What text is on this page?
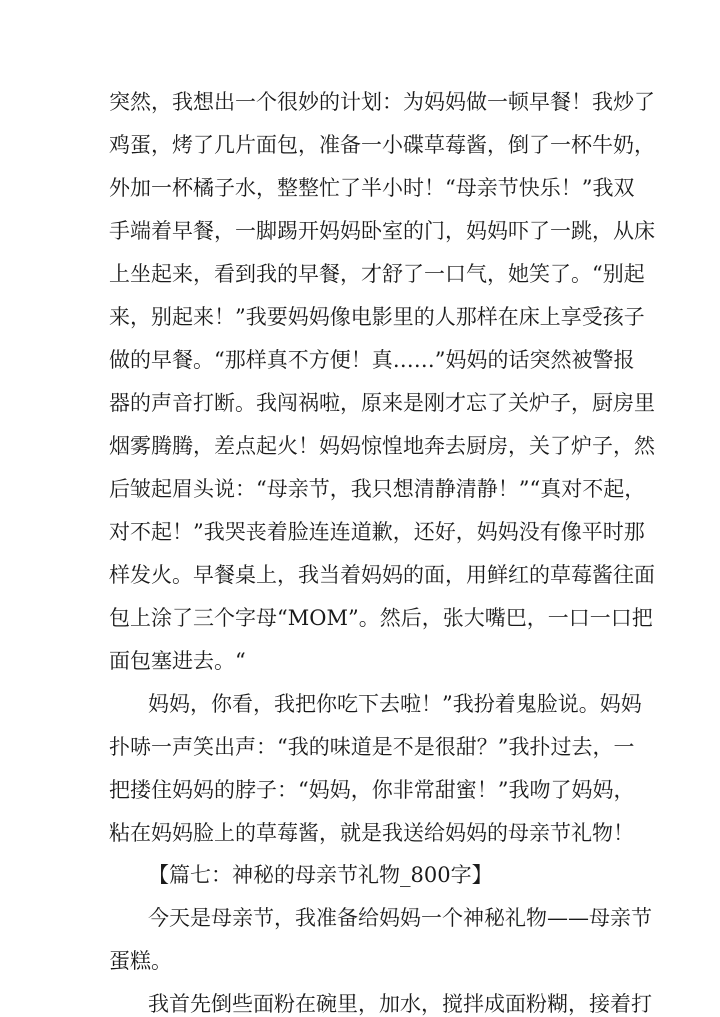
突然，我想出一个很妙的计划：为妈妈做一顿早餐！我炒了

鸡蛋，烤了几片面包，准备一小碟草莓酱，倒了一杯牛奶，

外加一杯橘子水，整整忙了半小时！“母亲节快乐！”我双

手端着早餐，一脚踢开妈妈卧室的门，妈妈吓了一跳，从床

上坐起来，看到我的早餐，才舒了一口气，她笑了。“别起

来，别起来！”我要妈妈像电影里的人那样在床上享受孩子

做的早餐。“那样真不方便！真……”妈妈的话突然被警报

器的声音打断。我闯祸啦，原来是刚才忘了关炉子，厨房里

烟雾腾腾，差点起火！妈妈惊惶地奔去厨房，关了炉子，然

后皱起眉头说：“母亲节，我只想清静清静！”“真对不起，

对不起！”我哭丧着脸连连道歉，还好，妈妈没有像平时那

样发火。早餐桌上，我当着妈妈的面，用鲜红的草莓酱往面

包上涂了三个字母“MOM”。然后，张大嘴巴，一口一口把

面包塞进去。“

妈妈，你看，我把你吃下去啦！”我扮着鬼脸说。妈妈

扑哧一声笑出声：“我的味道是不是很甜？”我扑过去，一

把搂住妈妈的脖子：“妈妈，你非常甜蜜！”我吻了妈妈，

粘在妈妈脸上的草莓酱，就是我送给妈妈的母亲节礼物！

【篇七：神秘的母亲节礼物_800字】

今天是母亲节，我准备给妈妈一个神秘礼物——母亲节

蛋糕。

我首先倒些面粉在碗里，加水，搅拌成面粉糊，接着打
